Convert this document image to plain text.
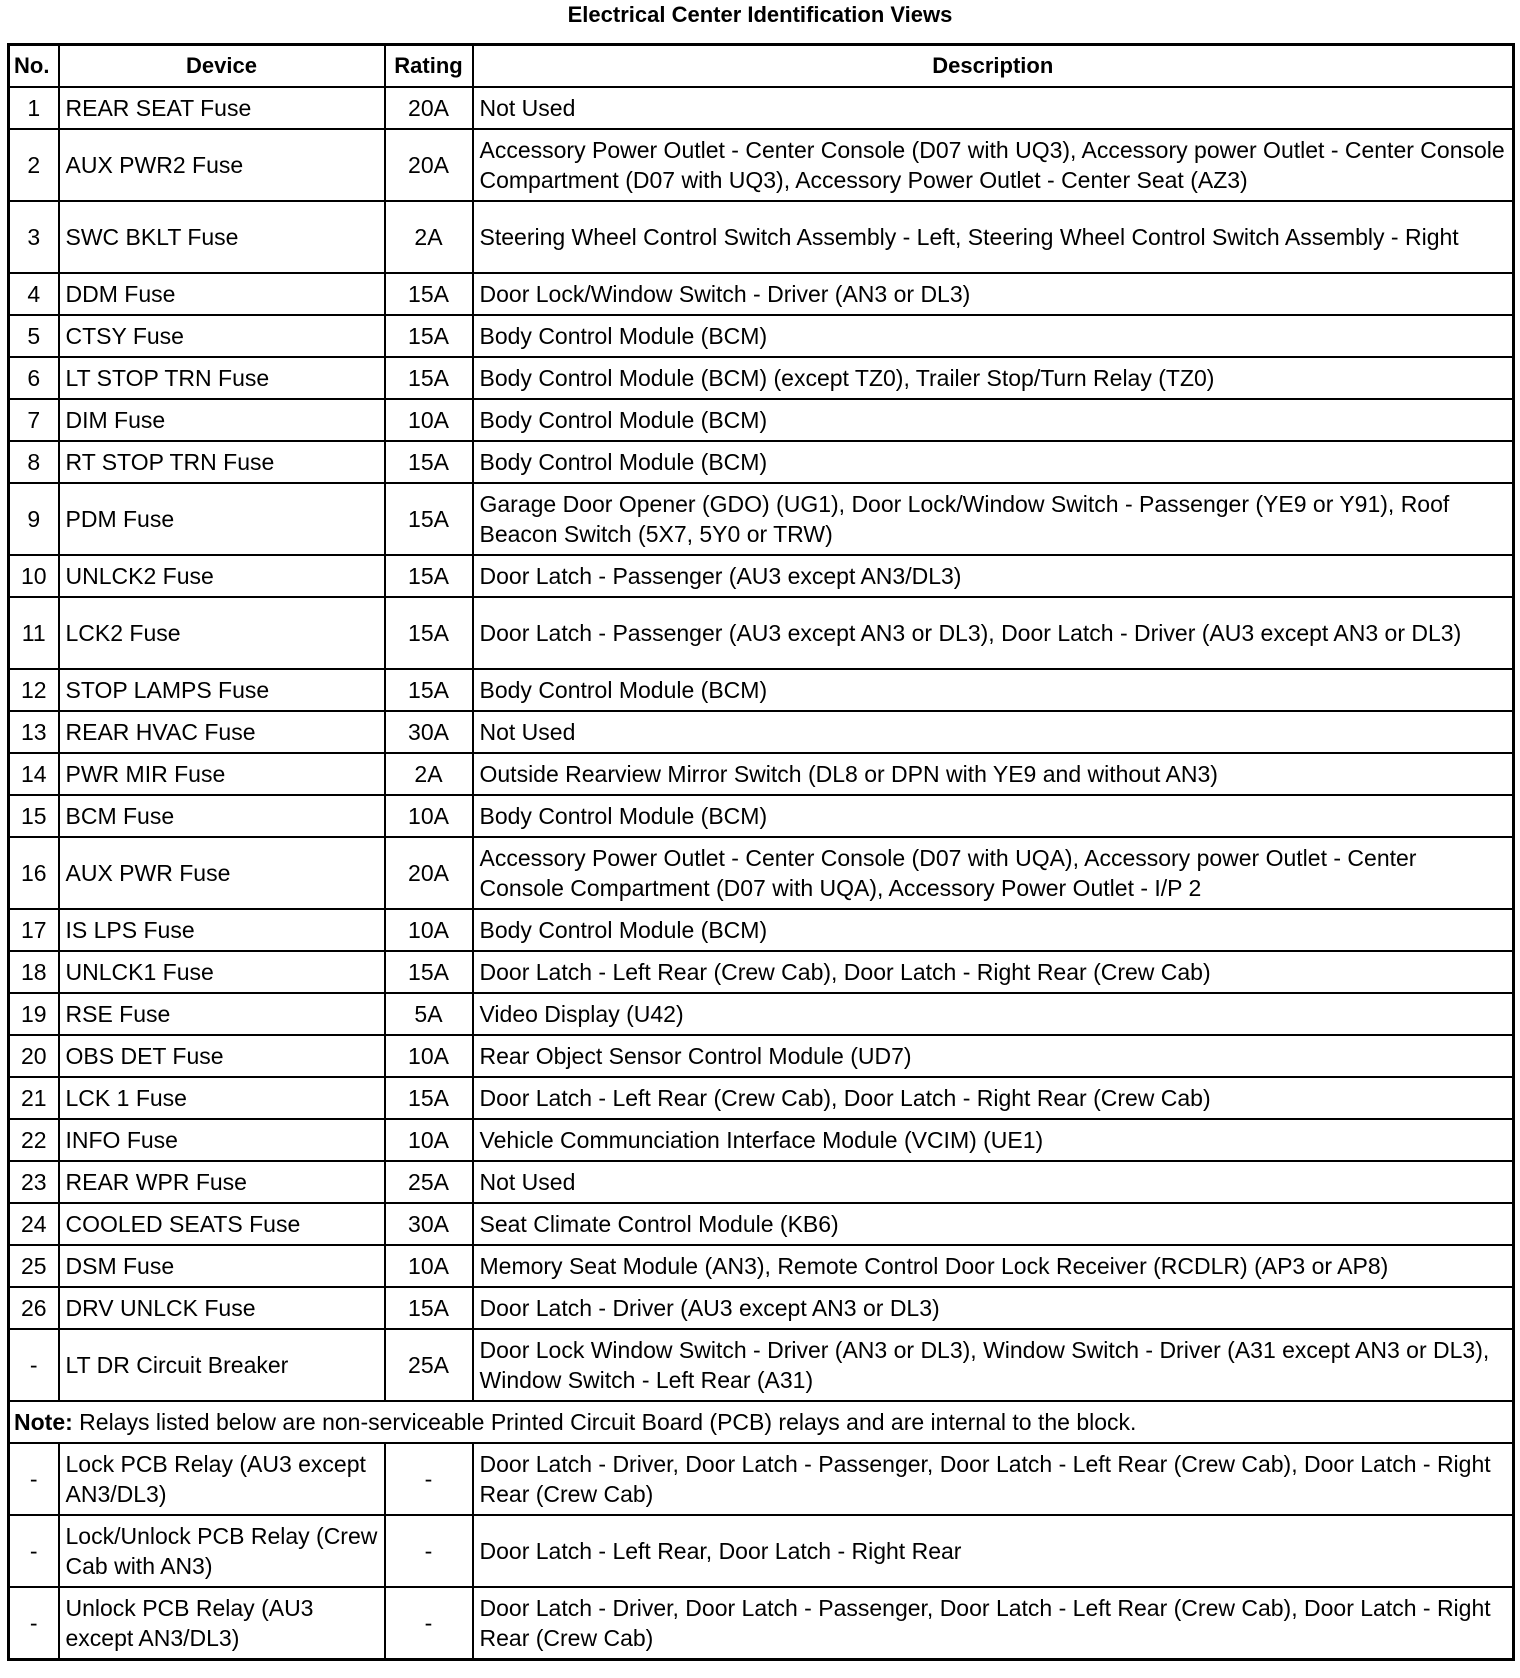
Electrical Center Identification Views
No.	Device	Rating	Description
1	REAR SEAT Fuse	20A	Not Used
2	AUX PWR2 Fuse	20A	Accessory Power Outlet - Center Console (D07 with UQ3), Accessory power Outlet - Center Console Compartment (D07 with UQ3), Accessory Power Outlet - Center Seat (AZ3)
3	SWC BKLT Fuse	2A	Steering Wheel Control Switch Assembly - Left, Steering Wheel Control Switch Assembly - Right
4	DDM Fuse	15A	Door Lock/Window Switch - Driver (AN3 or DL3)
5	CTSY Fuse	15A	Body Control Module (BCM)
6	LT STOP TRN Fuse	15A	Body Control Module (BCM) (except TZ0), Trailer Stop/Turn Relay (TZ0)
7	DIM Fuse	10A	Body Control Module (BCM)
8	RT STOP TRN Fuse	15A	Body Control Module (BCM)
9	PDM Fuse	15A	Garage Door Opener (GDO) (UG1), Door Lock/Window Switch - Passenger (YE9 or Y91), Roof Beacon Switch (5X7, 5Y0 or TRW)
10	UNLCK2 Fuse	15A	Door Latch - Passenger (AU3 except AN3/DL3)
11	LCK2 Fuse	15A	Door Latch - Passenger (AU3 except AN3 or DL3), Door Latch - Driver (AU3 except AN3 or DL3)
12	STOP LAMPS Fuse	15A	Body Control Module (BCM)
13	REAR HVAC Fuse	30A	Not Used
14	PWR MIR Fuse	2A	Outside Rearview Mirror Switch (DL8 or DPN with YE9 and without AN3)
15	BCM Fuse	10A	Body Control Module (BCM)
16	AUX PWR Fuse	20A	Accessory Power Outlet - Center Console (D07 with UQA), Accessory power Outlet - Center Console Compartment (D07 with UQA), Accessory Power Outlet - I/P 2
17	IS LPS Fuse	10A	Body Control Module (BCM)
18	UNLCK1 Fuse	15A	Door Latch - Left Rear (Crew Cab), Door Latch - Right Rear (Crew Cab)
19	RSE Fuse	5A	Video Display (U42)
20	OBS DET Fuse	10A	Rear Object Sensor Control Module (UD7)
21	LCK 1 Fuse	15A	Door Latch - Left Rear (Crew Cab), Door Latch - Right Rear (Crew Cab)
22	INFO Fuse	10A	Vehicle Communciation Interface Module (VCIM) (UE1)
23	REAR WPR Fuse	25A	Not Used
24	COOLED SEATS Fuse	30A	Seat Climate Control Module (KB6)
25	DSM Fuse	10A	Memory Seat Module (AN3), Remote Control Door Lock Receiver (RCDLR) (AP3 or AP8)
26	DRV UNLCK Fuse	15A	Door Latch - Driver (AU3 except AN3 or DL3)
-	LT DR Circuit Breaker	25A	Door Lock Window Switch - Driver (AN3 or DL3), Window Switch - Driver (A31 except AN3 or DL3), Window Switch - Left Rear (A31)
Note: Relays listed below are non-serviceable Printed Circuit Board (PCB) relays and are internal to the block.			
-	Lock PCB Relay (AU3 except AN3/DL3)	-	Door Latch - Driver, Door Latch - Passenger, Door Latch - Left Rear (Crew Cab), Door Latch - Right Rear (Crew Cab)
-	Lock/Unlock PCB Relay (Crew Cab with AN3)	-	Door Latch - Left Rear, Door Latch - Right Rear
-	Unlock PCB Relay (AU3 except AN3/DL3)	-	Door Latch - Driver, Door Latch - Passenger, Door Latch - Left Rear (Crew Cab), Door Latch - Right Rear (Crew Cab)
